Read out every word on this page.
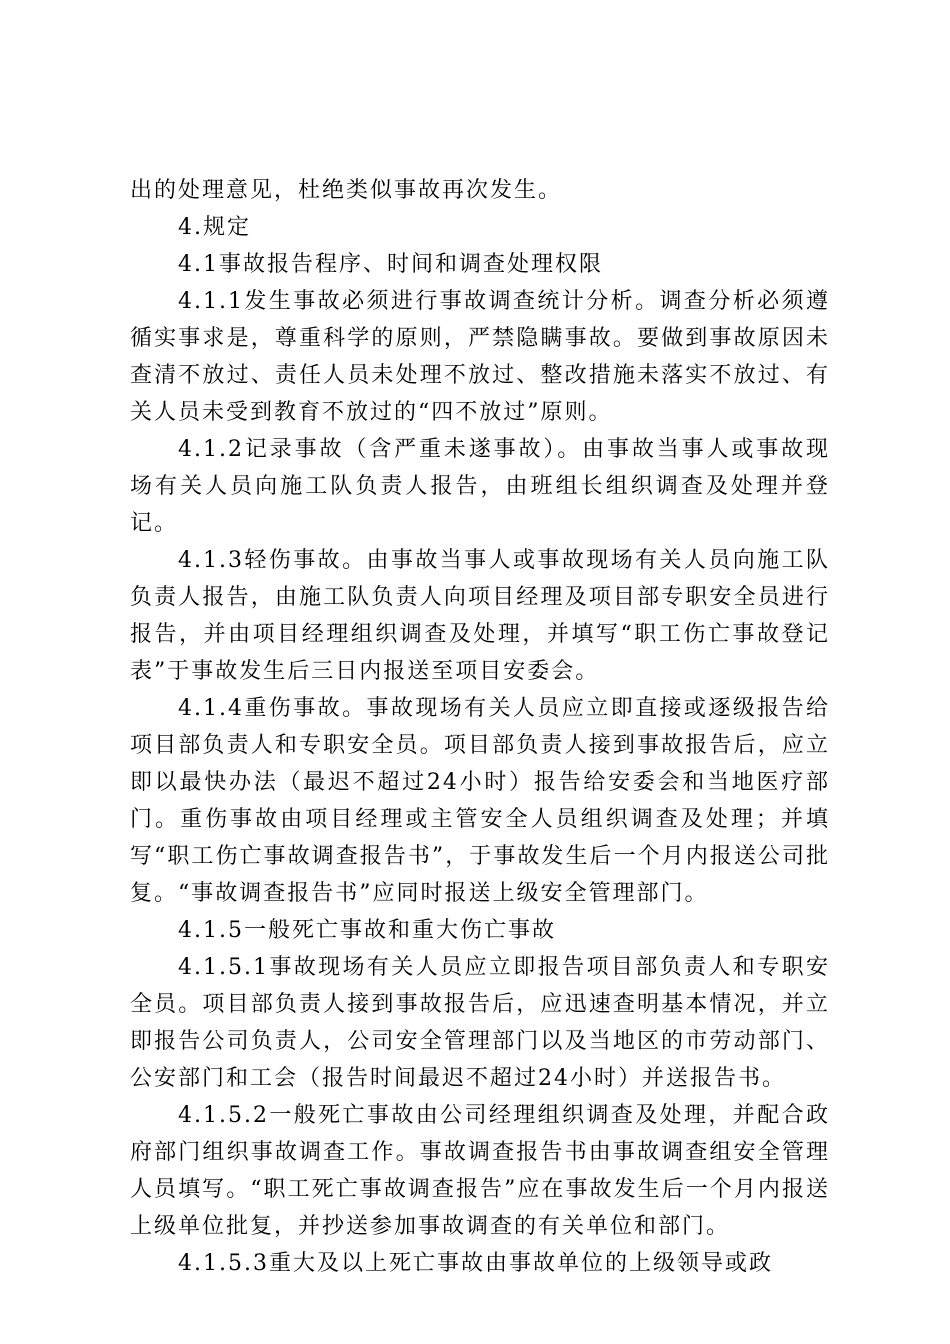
出的处理意见，杜绝类似事故再次发生。

4.规定

4.1事故报告程序、时间和调查处理权限

4.1.1发生事故必须进行事故调查统计分析。调查分析必须遵循实事求是，尊重科学的原则，严禁隐瞒事故。要做到事故原因未查清不放过、责任人员未处理不放过、整改措施未落实不放过、有关人员未受到教育不放过的“四不放过”原则。

4.1.2记录事故（含严重未遂事故）。由事故当事人或事故现场有关人员向施工队负责人报告，由班组长组织调查及处理并登记。

4.1.3轻伤事故。由事故当事人或事故现场有关人员向施工队负责人报告，由施工队负责人向项目经理及项目部专职安全员进行报告，并由项目经理组织调查及处理，并填写“职工伤亡事故登记表”于事故发生后三日内报送至项目安委会。

4.1.4重伤事故。事故现场有关人员应立即直接或逐级报告给项目部负责人和专职安全员。项目部负责人接到事故报告后，应立即以最快办法（最迟不超过24小时）报告给安委会和当地医疗部门。重伤事故由项目经理或主管安全人员组织调查及处理；并填写“职工伤亡事故调查报告书”，于事故发生后一个月内报送公司批复。“事故调查报告书”应同时报送上级安全管理部门。

4.1.5一般死亡事故和重大伤亡事故

4.1.5.1事故现场有关人员应立即报告项目部负责人和专职安全员。项目部负责人接到事故报告后，应迅速查明基本情况，并立即报告公司负责人，公司安全管理部门以及当地区的市劳动部门、公安部门和工会（报告时间最迟不超过24小时）并送报告书。

4.1.5.2一般死亡事故由公司经理组织调查及处理，并配合政府部门组织事故调查工作。事故调查报告书由事故调查组安全管理人员填写。“职工死亡事故调查报告”应在事故发生后一个月内报送上级单位批复，并抄送参加事故调查的有关单位和部门。

4.1.5.3重大及以上死亡事故由事故单位的上级领导或政
